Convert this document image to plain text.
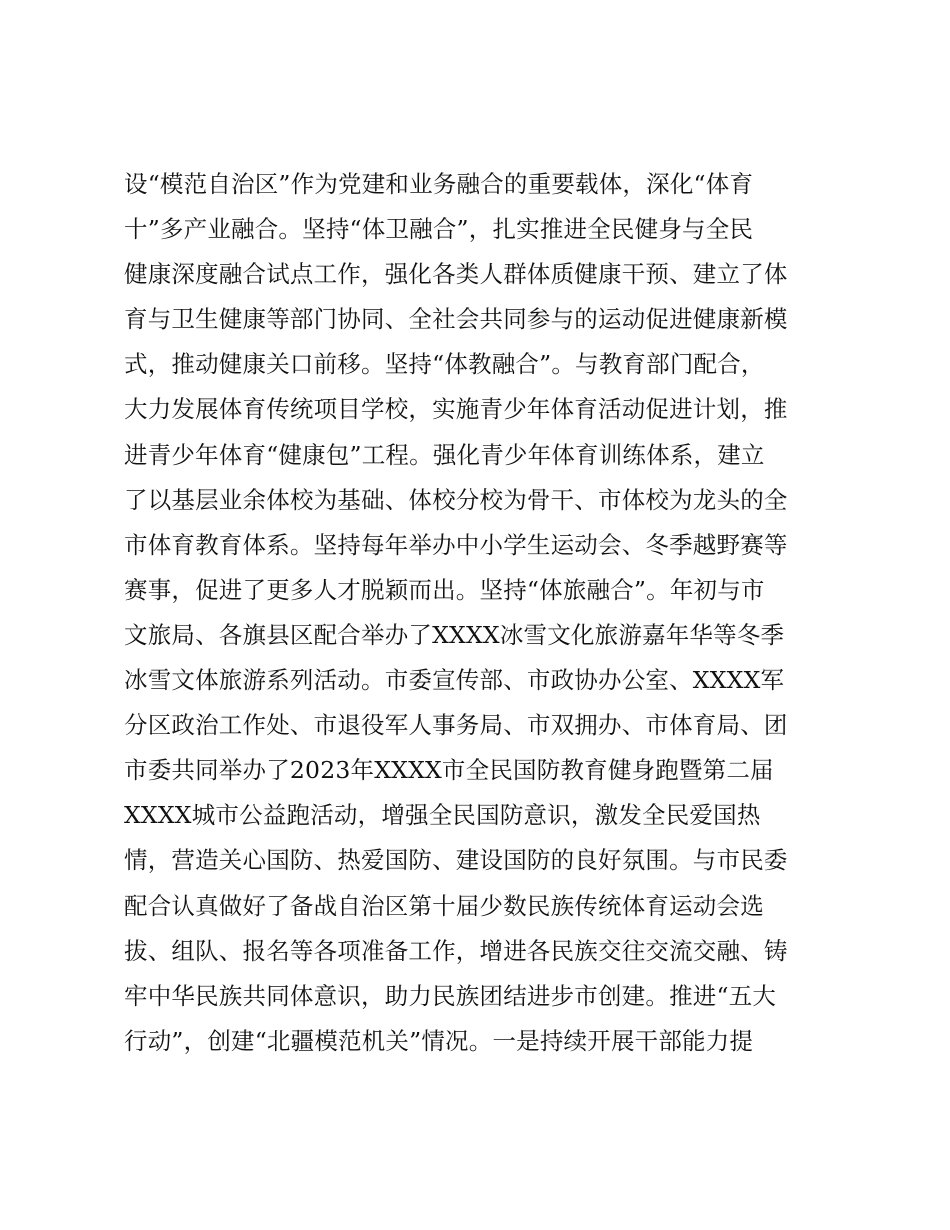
设“模范自治区”作为党建和业务融合的重要载体，深化“体育
十”多产业融合。坚持“体卫融合”，扎实推进全民健身与全民
健康深度融合试点工作，强化各类人群体质健康干预、建立了体
育与卫生健康等部门协同、全社会共同参与的运动促进健康新模
式，推动健康关口前移。坚持“体教融合”。与教育部门配合，
大力发展体育传统项目学校，实施青少年体育活动促进计划，推
进青少年体育“健康包”工程。强化青少年体育训练体系，建立
了以基层业余体校为基础、体校分校为骨干、市体校为龙头的全
市体育教育体系。坚持每年举办中小学生运动会、冬季越野赛等
赛事，促进了更多人才脱颖而出。坚持“体旅融合”。年初与市
文旅局、各旗县区配合举办了XXXX冰雪文化旅游嘉年华等冬季
冰雪文体旅游系列活动。市委宣传部、市政协办公室、XXXX军
分区政治工作处、市退役军人事务局、市双拥办、市体育局、团
市委共同举办了2023年XXXX市全民国防教育健身跑暨第二届
XXXX城市公益跑活动，增强全民国防意识，激发全民爱国热
情，营造关心国防、热爱国防、建设国防的良好氛围。与市民委
配合认真做好了备战自治区第十届少数民族传统体育运动会选
拔、组队、报名等各项准备工作，增进各民族交往交流交融、铸
牢中华民族共同体意识，助力民族团结进步市创建。推进“五大
行动”，创建“北疆模范机关”情况。一是持续开展干部能力提
